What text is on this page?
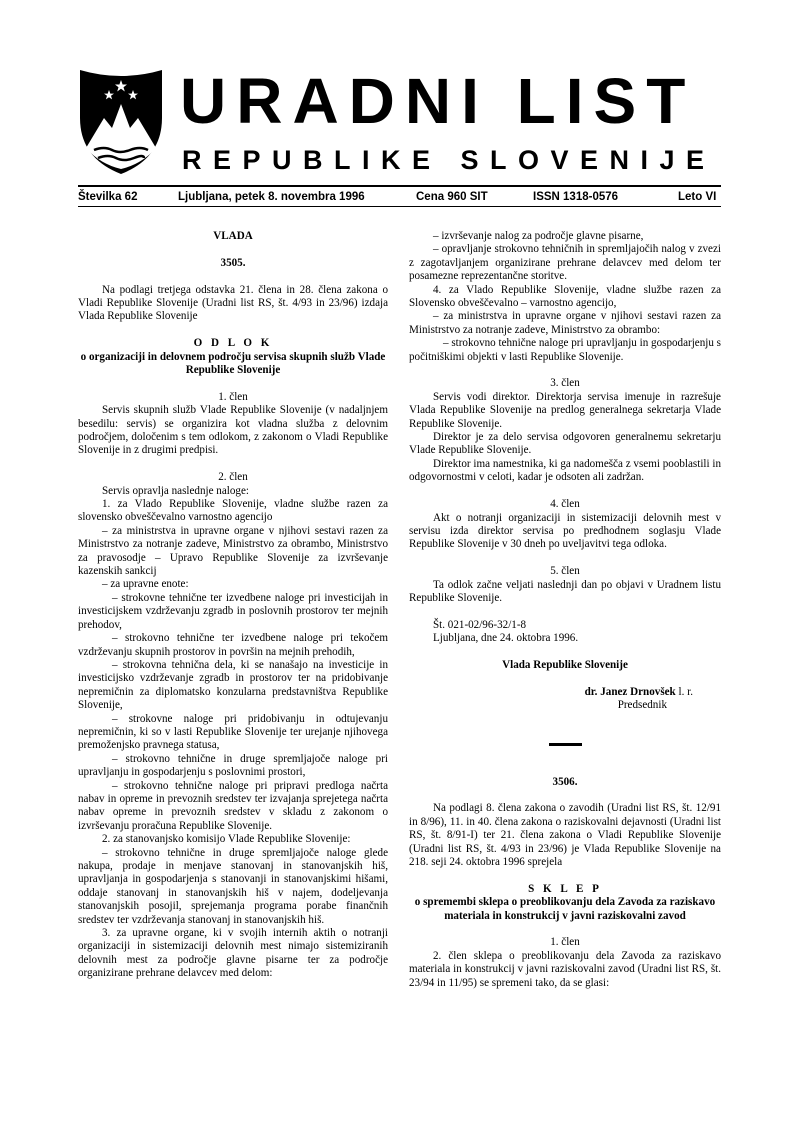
URADNI LIST
REPUBLIKE SLOVENIJE

Številka 62	Ljubljana, petek 8. novembra 1996	Cena 960 SIT	ISSN 1318-0576	Leto VI

VLADA

3505.

Na podlagi tretjega odstavka 21. člena in 28. člena zakona o Vladi Republike Slovenije (Uradni list RS, št. 4/93 in 23/96) izdaja Vlada Republike Slovenije

O D L O K

o organizaciji in delovnem področju servisa skupnih služb Vlade Republike Slovenije

1. člen

Servis skupnih služb Vlade Republike Slovenije (v nadaljnjem besedilu: servis) se organizira kot vladna služba z delovnim področjem, določenim s tem odlokom, z zakonom o Vladi Republike Slovenije in z drugimi predpisi.

2. člen

Servis opravlja naslednje naloge:

1. za Vlado Republike Slovenije, vladne službe razen za slovensko obveščevalno varnostno agencijo

– za ministrstva in upravne organe v njihovi sestavi razen za Ministrstvo za notranje zadeve, Ministrstvo za obrambo, Ministrstvo za pravosodje – Upravo Republike Slovenije za izvrševanje kazenskih sankcij

– za upravne enote:

– strokovne tehnične ter izvedbene naloge pri investicijah in investicijskem vzdrževanju zgradb in poslovnih prostorov ter mejnih prehodov,

– strokovno tehnične ter izvedbene naloge pri tekočem vzdrževanju skupnih prostorov in površin na mejnih prehodih,

– strokovna tehnična dela, ki se nanašajo na investicije in investicijsko vzdrževanje zgradb in prostorov ter na pridobivanje nepremičnin za diplomatsko konzularna predstavništva Republike Slovenije,

– strokovne naloge pri pridobivanju in odtujevanju nepremičnin, ki so v lasti Republike Slovenije ter urejanje njihovega premoženjsko pravnega statusa,

– strokovno tehnične in druge spremljajoče naloge pri upravljanju in gospodarjenju s poslovnimi prostori,

– strokovno tehnične naloge pri pripravi predloga načrta nabav in opreme in prevoznih sredstev ter izvajanja sprejetega načrta nabav opreme in prevoznih sredstev v skladu z zakonom o izvrševanju proračuna Republike Slovenije.

2. za stanovanjsko komisijo Vlade Republike Slovenije:

– strokovno tehnične in druge spremljajoče naloge glede nakupa, prodaje in menjave stanovanj in stanovanjskih hiš, upravljanja in gospodarjenja s stanovanji in stanovanjskimi hišami, oddaje stanovanj in stanovanjskih hiš v najem, dodeljevanja stanovanjskih posojil, sprejemanja programa porabe finančnih sredstev ter vzdrževanja stanovanj in stanovanjskih hiš.

3. za upravne organe, ki v svojih internih aktih o notranji organizaciji in sistemizaciji delovnih mest nimajo sistemiziranih delovnih mest za področje glavne pisarne ter za področje organizirane prehrane delavcev med delom:

– izvrševanje nalog za področje glavne pisarne,

– opravljanje strokovno tehničnih in spremljajočih nalog v zvezi z zagotavljanjem organizirane prehrane delavcev med delom ter posamezne reprezentančne storitve.

4. za Vlado Republike Slovenije, vladne službe razen za Slovensko obveščevalno – varnostno agencijo,

– za ministrstva in upravne organe v njihovi sestavi razen za Ministrstvo za notranje zadeve, Ministrstvo za obrambo:

– strokovno tehnične naloge pri upravljanju in gospodarjenju s počitniškimi objekti v lasti Republike Slovenije.

3. člen

Servis vodi direktor. Direktorja servisa imenuje in razrešuje Vlada Republike Slovenije na predlog generalnega sekretarja Vlade Republike Slovenije.

Direktor je za delo servisa odgovoren generalnemu sekretarju Vlade Republike Slovenije.

Direktor ima namestnika, ki ga nadomešča z vsemi pooblastili in odgovornostmi v celoti, kadar je odsoten ali zadržan.

4. člen

Akt o notranji organizaciji in sistemizaciji delovnih mest v servisu izda direktor servisa po predhodnem soglasju Vlade Republike Slovenije v 30 dneh po uveljavitvi tega odloka.

5. člen

Ta odlok začne veljati naslednji dan po objavi v Uradnem listu Republike Slovenije.

Št. 021-02/96-32/1-8

Ljubljana, dne 24. oktobra 1996.

Vlada Republike Slovenije

dr. Janez Drnovšek l. r.

Predsednik

3506.

Na podlagi 8. člena zakona o zavodih (Uradni list RS, št. 12/91 in 8/96), 11. in 40. člena zakona o raziskovalni dejavnosti (Uradni list RS, št. 8/91-I) ter 21. člena zakona o Vladi Republike Slovenije (Uradni list RS, št. 4/93 in 23/96) je Vlada Republike Slovenije na 218. seji 24. oktobra 1996 sprejela

S K L E P

o spremembi sklepa o preoblikovanju dela Zavoda za raziskavo materiala in konstrukcij v javni raziskovalni zavod

1. člen

2. člen sklepa o preoblikovanju dela Zavoda za raziskavo materiala in konstrukcij v javni raziskovalni zavod (Uradni list RS, št. 23/94 in 11/95) se spremeni tako, da se glasi:
